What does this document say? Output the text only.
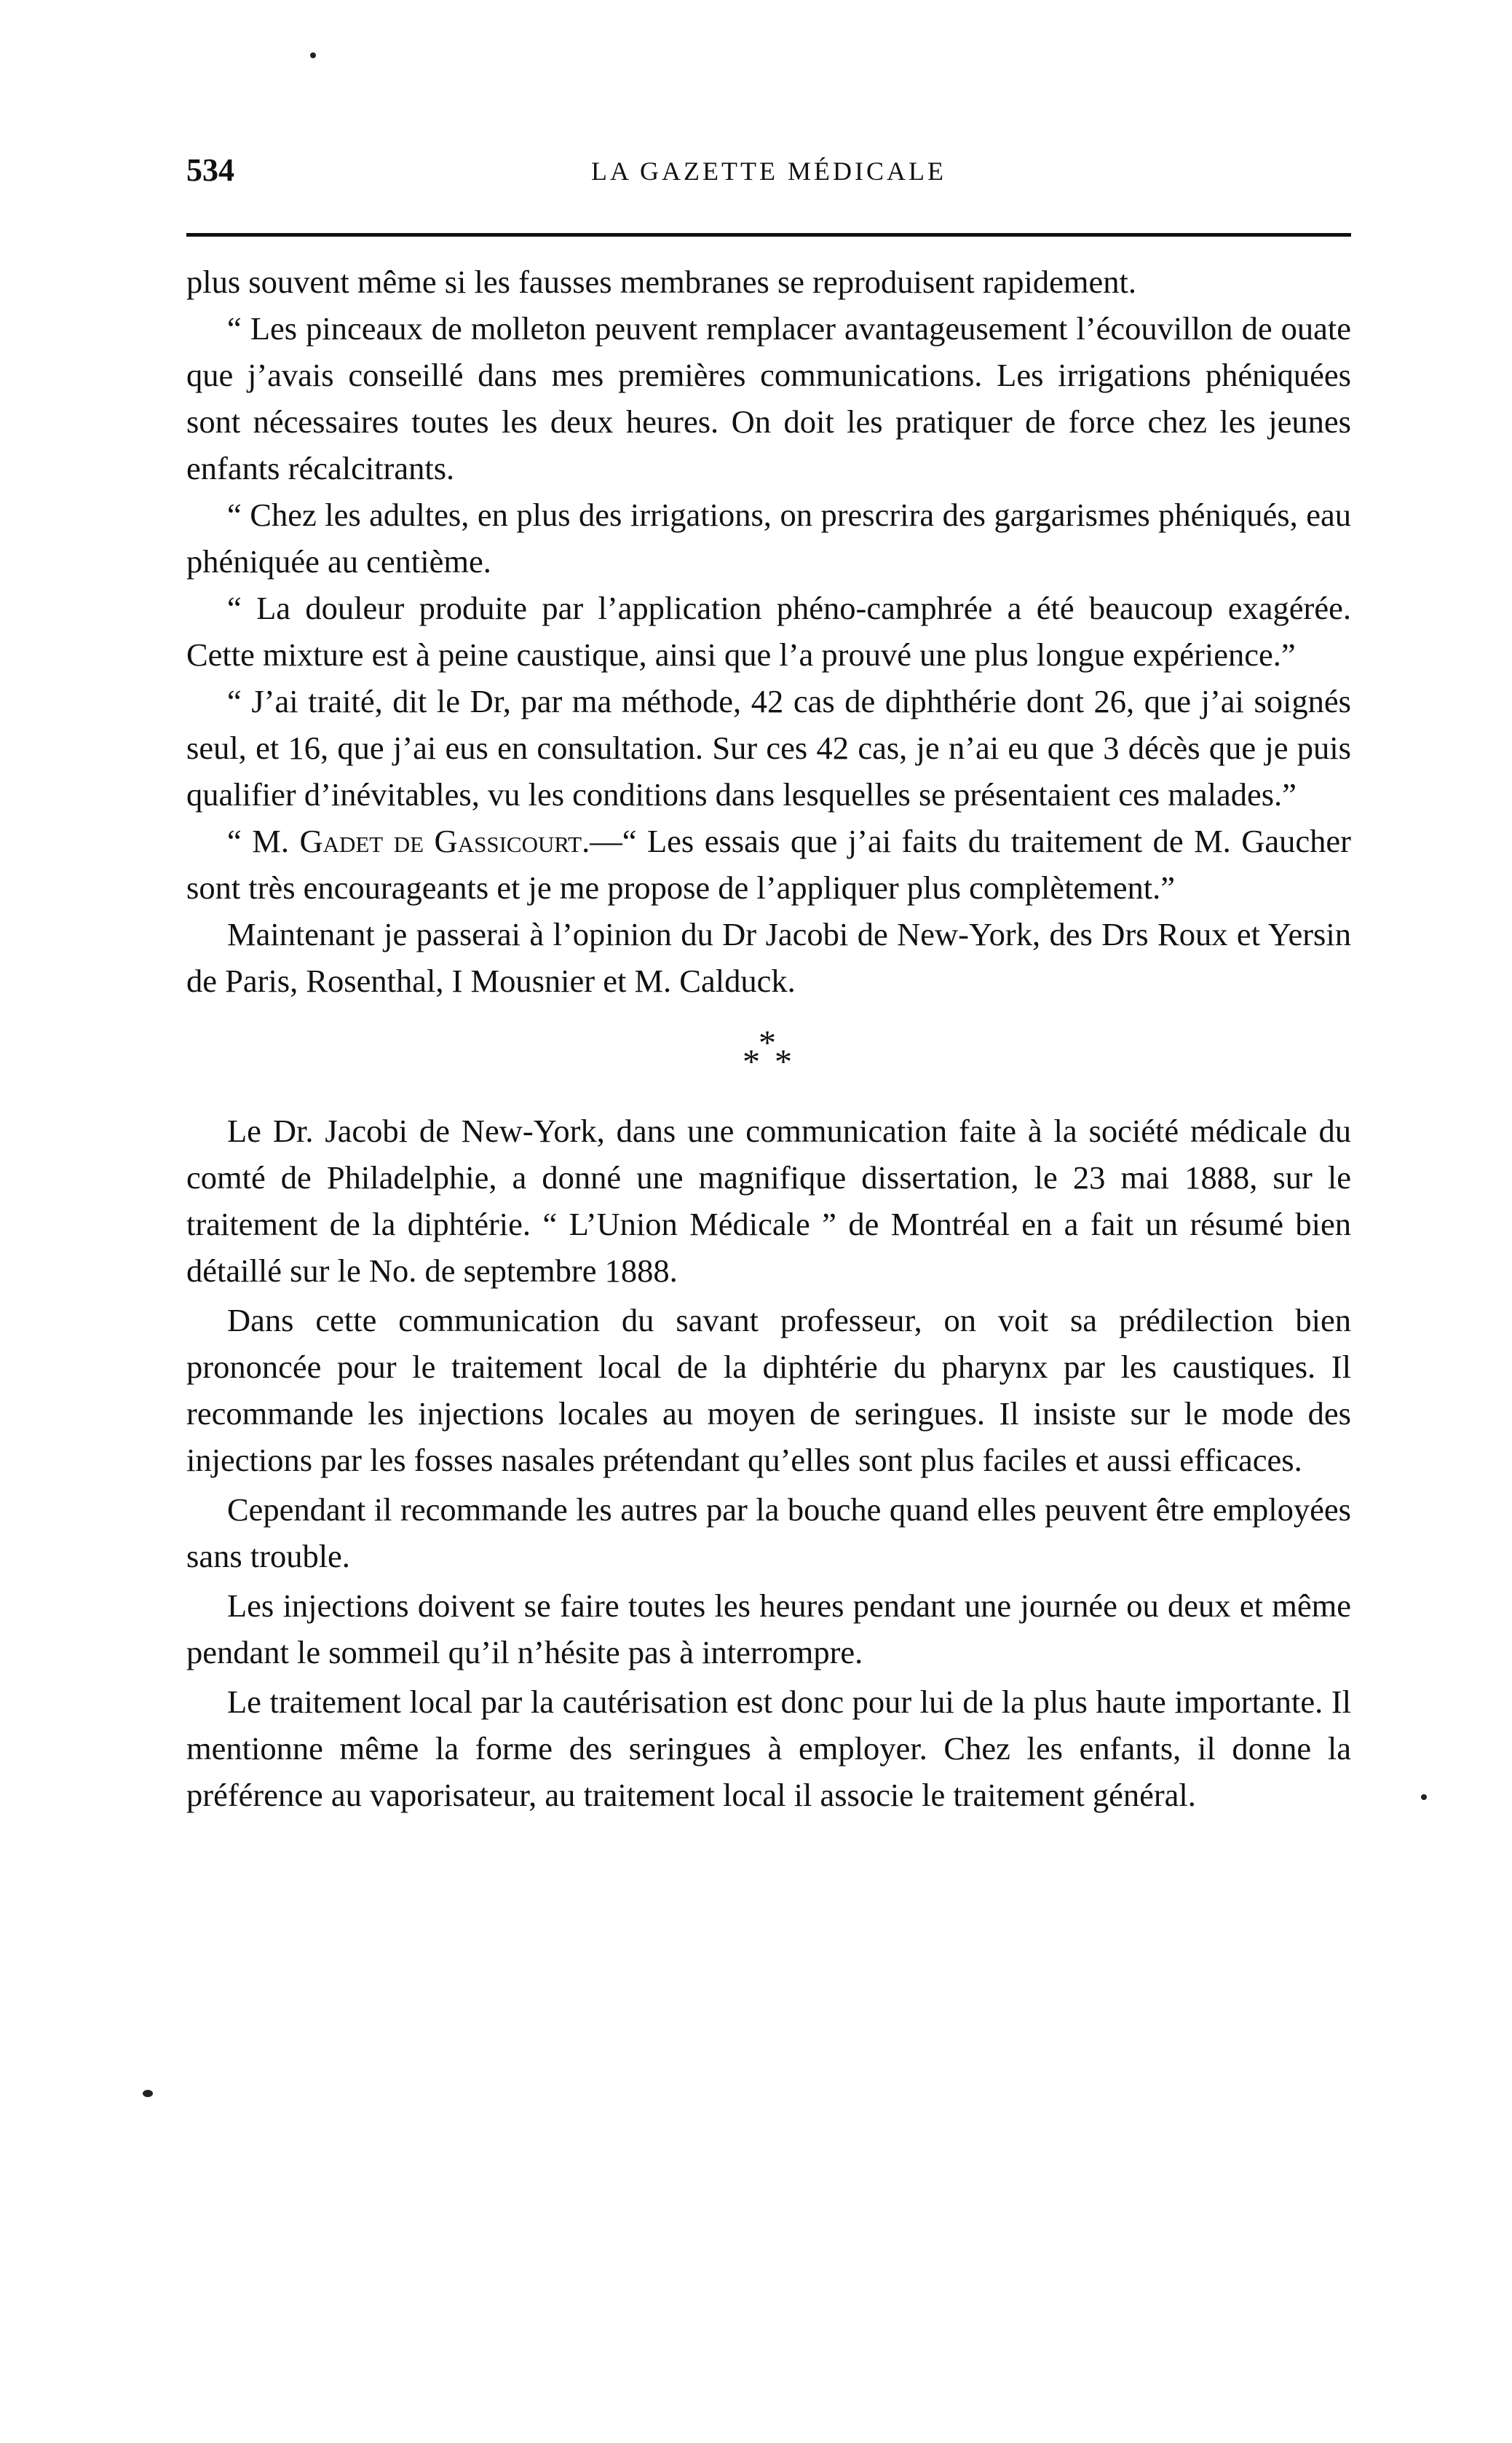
534	LA GAZETTE MÉDICALE

plus souvent même si les fausses membranes se reproduisent rapidement.

“ Les pinceaux de molleton peuvent remplacer avantageusement l’écouvillon de ouate que j’avais conseillé dans mes premières communications. Les irrigations phéniquées sont nécessaires toutes les deux heures. On doit les pratiquer de force chez les jeunes enfants récalcitrants.

“ Chez les adultes, en plus des irrigations, on prescrira des gargarismes phéniqués, eau phéniquée au centième.

“ La douleur produite par l’application phéno-camphrée a été beaucoup exagérée. Cette mixture est à peine caustique, ainsi que l’a prouvé une plus longue expérience.”

“ J’ai traité, dit le Dr, par ma méthode, 42 cas de diphthérie dont 26, que j’ai soignés seul, et 16, que j’ai eus en consultation. Sur ces 42 cas, je n’ai eu que 3 décès que je puis qualifier d’inévitables, vu les conditions dans lesquelles se présentaient ces malades.”

“ M. Gadet de Gassicourt.—“ Les essais que j’ai faits du traitement de M. Gaucher sont très encourageants et je me propose de l’appliquer plus complètement.”

Maintenant je passerai à l’opinion du Dr Jacobi de New-York, des Drs Roux et Yersin de Paris, Rosenthal, I Mousnier et M. Calduck.

*
* *

Le Dr. Jacobi de New-York, dans une communication faite à la société médicale du comté de Philadelphie, a donné une magnifique dissertation, le 23 mai 1888, sur le traitement de la diphtérie. “ L’Union Médicale ” de Montréal en a fait un résumé bien détaillé sur le No. de septembre 1888.

Dans cette communication du savant professeur, on voit sa prédilection bien prononcée pour le traitement local de la diphtérie du pharynx par les caustiques. Il recommande les injections locales au moyen de seringues. Il insiste sur le mode des injections par les fosses nasales prétendant qu’elles sont plus faciles et aussi efficaces.

Cependant il recommande les autres par la bouche quand elles peuvent être employées sans trouble.

Les injections doivent se faire toutes les heures pendant une journée ou deux et même pendant le sommeil qu’il n’hésite pas à interrompre.

Le traitement local par la cautérisation est donc pour lui de la plus haute importante. Il mentionne même la forme des seringues à employer. Chez les enfants, il donne la préférence au vaporisateur, au traitement local il associe le traitement général.
